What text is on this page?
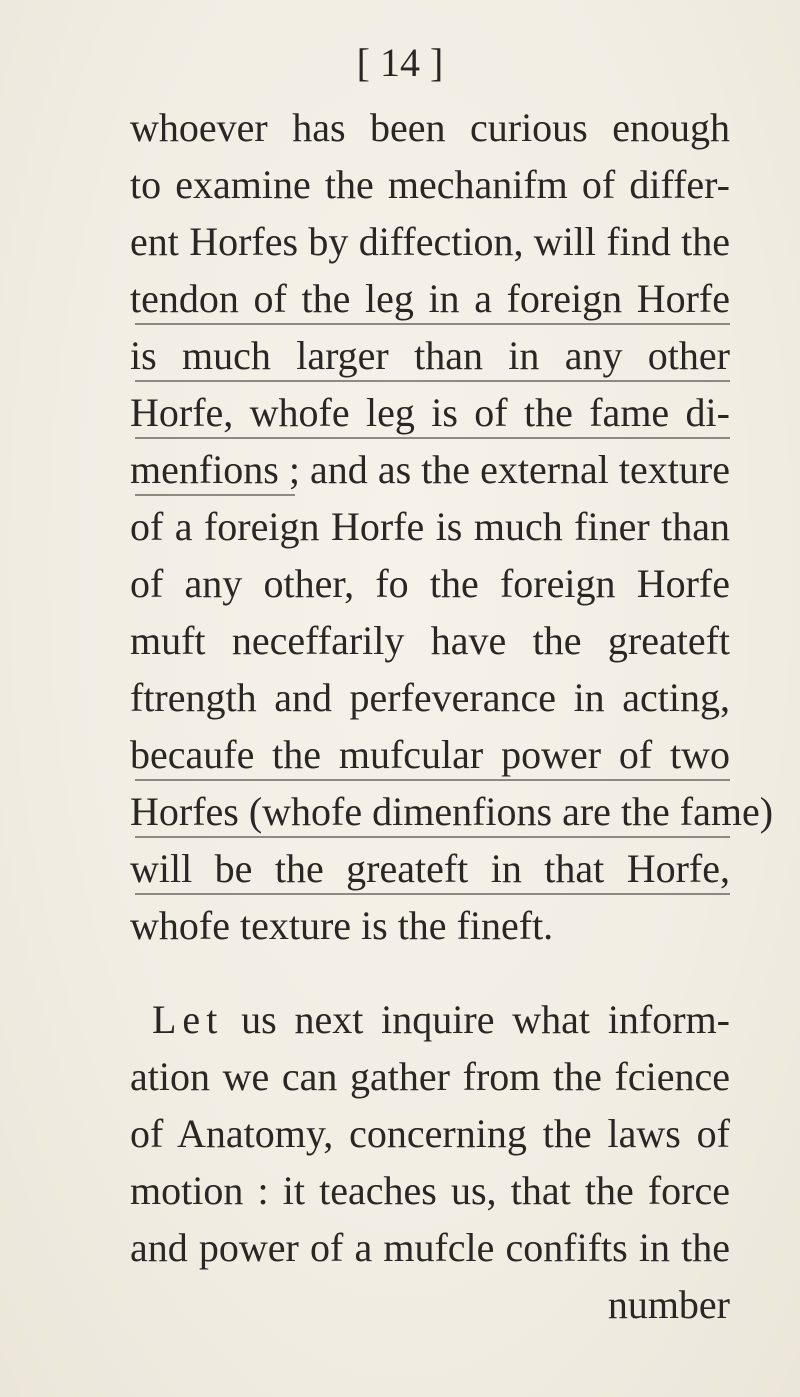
[ 14 ]
whoever has been curious enough
to examine the mechanifm of differ-
ent Horfes by diffection, will find the
tendon of the leg in a foreign Horfe
is much larger than in any other
Horfe, whofe leg is of the fame di-
menfions ; and as the external texture
of a foreign Horfe is much finer than
of any other, fo the foreign Horfe
muft neceffarily have the greateft
ftrength and perfeverance in acting,
becaufe the mufcular power of two
Horfes (whofe dimenfions are the fame)
will be the greateft in that Horfe,
whofe texture is the fineft.
Let us next inquire what inform-
ation we can gather from the fcience
of Anatomy, concerning the laws of
motion : it teaches us, that the force
and power of a mufcle confifts in the
number
